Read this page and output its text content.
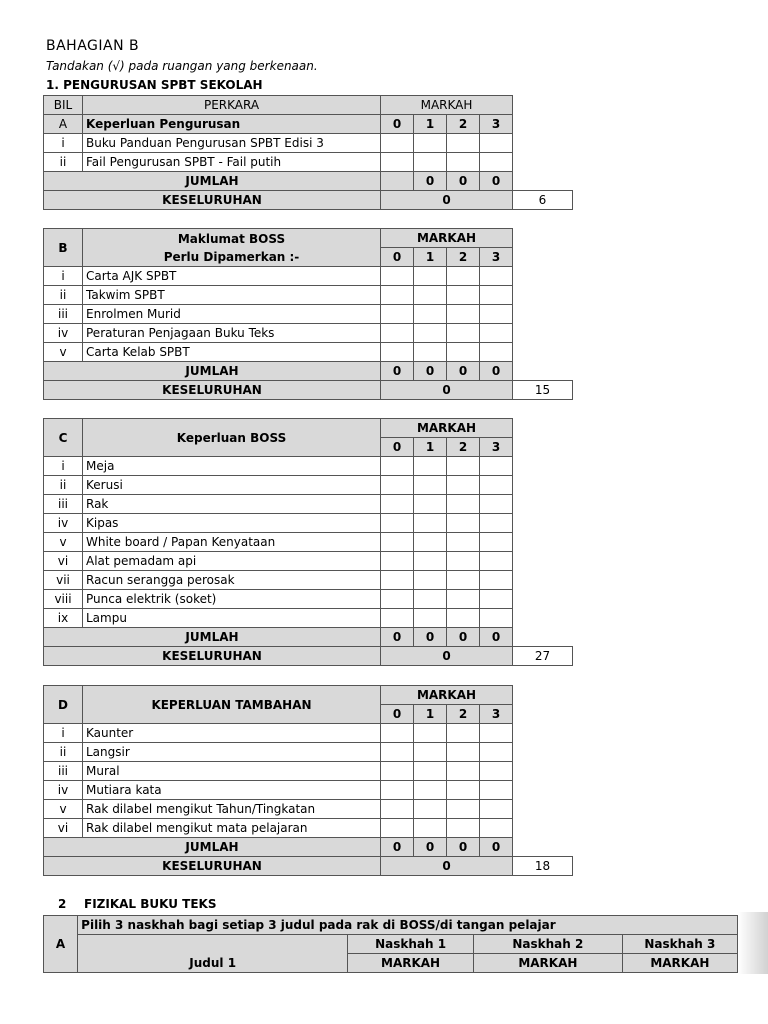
BAHAGIAN B
Tandakan (√) pada ruangan yang berkenaan.
1. PENGURUSAN SPBT SEKOLAH
BIL	PERKARA	MARKAH				
A	Keperluan Pengurusan	0	1	2	3	
i	Buku Panduan Pengurusan SPBT Edisi 3					
ii	Fail Pengurusan SPBT - Fail putih					
JUMLAH			0	0	0	
KESELURUHAN		0				6
B	Maklumat BOSS
Perlu Dipamerkan :-	MARKAH				
		0	1	2	3	
i	Carta AJK SPBT					
ii	Takwim SPBT					
iii	Enrolmen Murid					
iv	Peraturan Penjagaan Buku Teks					
v	Carta Kelab SPBT					
JUMLAH		0	0	0	0	
KESELURUHAN		0				15
C	Keperluan BOSS	MARKAH				
		0	1	2	3	
i	Meja					
ii	Kerusi					
iii	Rak					
iv	Kipas					
v	White board / Papan Kenyataan					
vi	Alat pemadam api					
vii	Racun serangga perosak					
viii	Punca elektrik (soket)					
ix	Lampu					
JUMLAH		0	0	0	0	
KESELURUHAN		0				27
D	KEPERLUAN TAMBAHAN	MARKAH				
		0	1	2	3	
i	Kaunter					
ii	Langsir					
iii	Mural					
iv	Mutiara kata					
v	Rak dilabel mengikut Tahun/Tingkatan					
vi	Rak dilabel mengikut mata pelajaran					
JUMLAH		0	0	0	0	
KESELURUHAN		0				18
2 FIZIKAL BUKU TEKS
A	Pilih 3 naskhah bagi setiap 3 judul pada rak di BOSS/di tangan pelajar			
	Judul 1	Naskhah 1	Naskhah 2	Naskhah 3
		MARKAH	MARKAH	MARKAH
